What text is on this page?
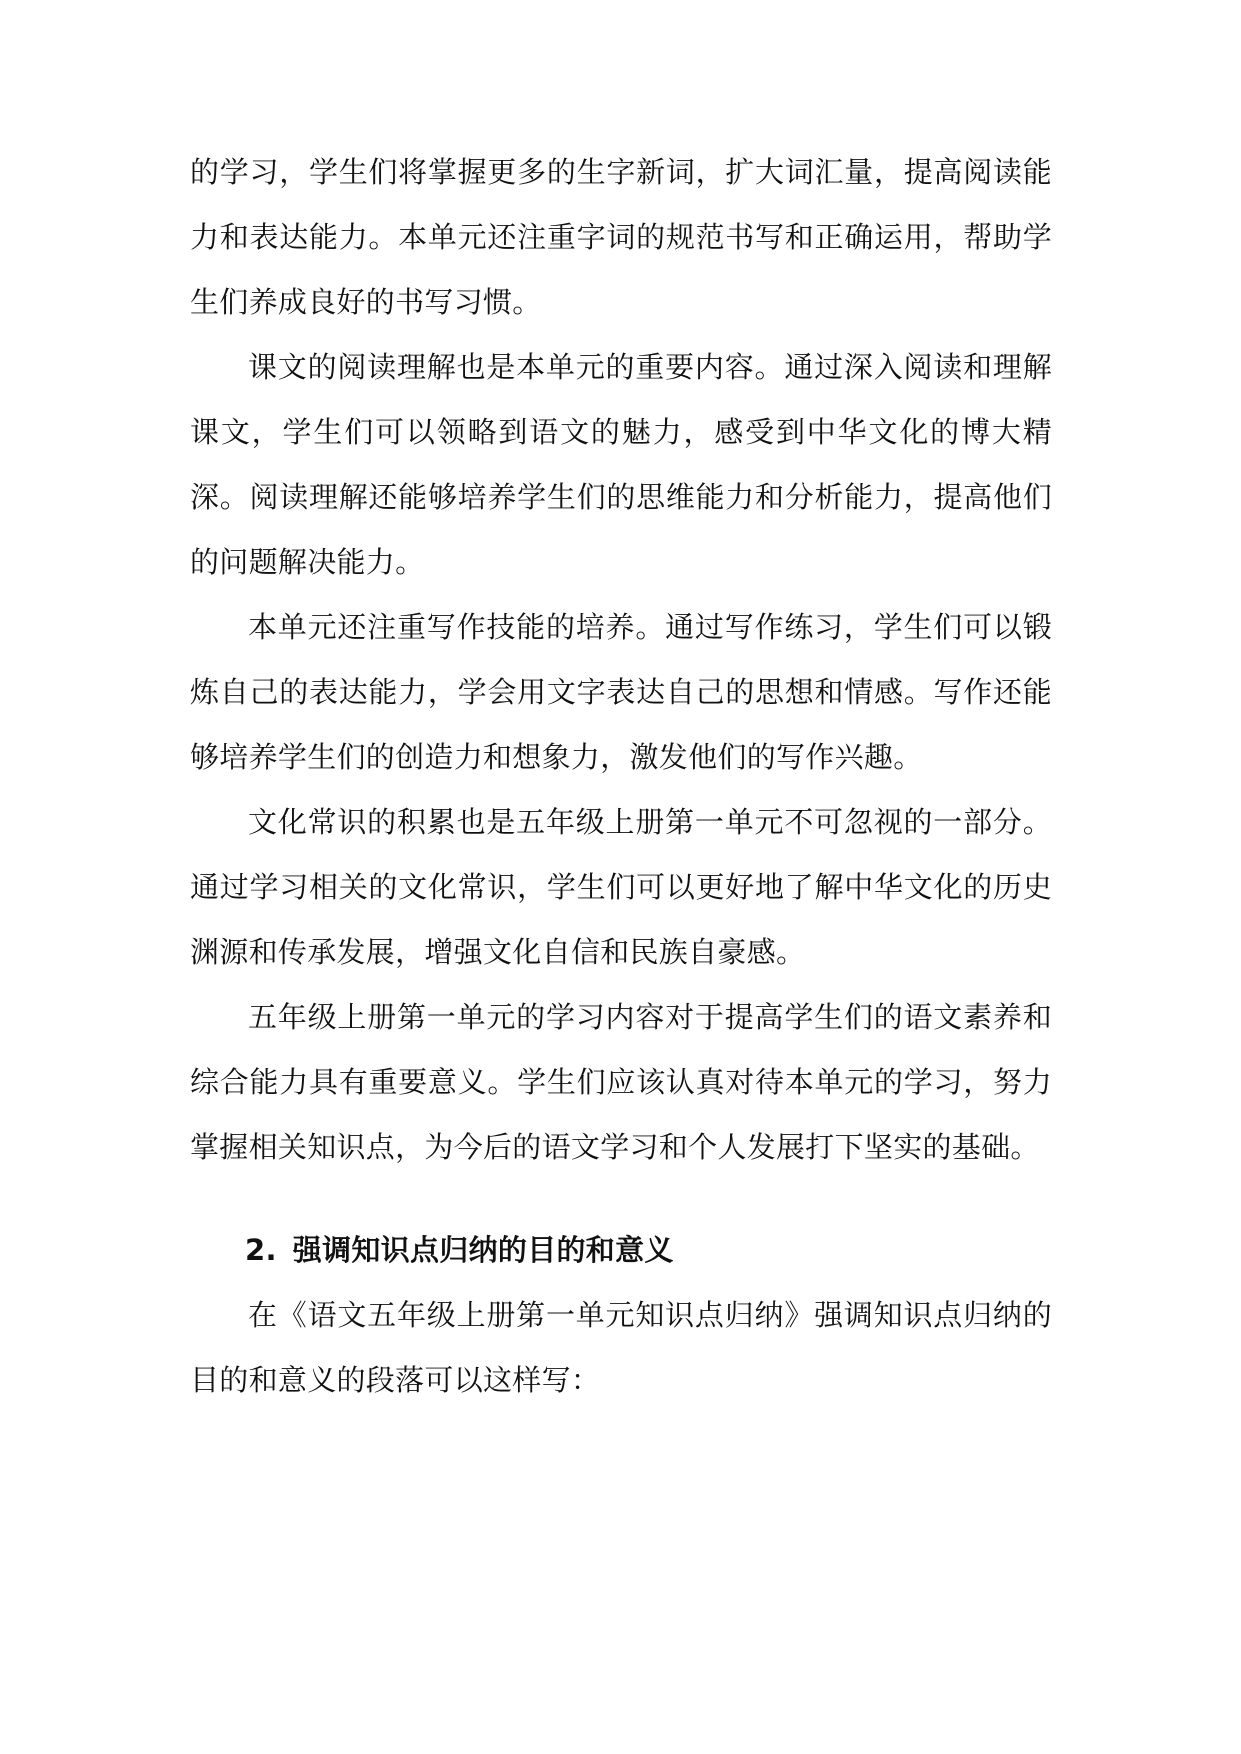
的学习，学生们将掌握更多的生字新词，扩大词汇量，提高阅读能力和表达能力。本单元还注重字词的规范书写和正确运用，帮助学生们养成良好的书写习惯。

课文的阅读理解也是本单元的重要内容。通过深入阅读和理解课文，学生们可以领略到语文的魅力，感受到中华文化的博大精深。阅读理解还能够培养学生们的思维能力和分析能力，提高他们的问题解决能力。

本单元还注重写作技能的培养。通过写作练习，学生们可以锻炼自己的表达能力，学会用文字表达自己的思想和情感。写作还能够培养学生们的创造力和想象力，激发他们的写作兴趣。

文化常识的积累也是五年级上册第一单元不可忽视的一部分。通过学习相关的文化常识，学生们可以更好地了解中华文化的历史渊源和传承发展，增强文化自信和民族自豪感。

五年级上册第一单元的学习内容对于提高学生们的语文素养和综合能力具有重要意义。学生们应该认真对待本单元的学习，努力掌握相关知识点，为今后的语文学习和个人发展打下坚实的基础。

2. 强调知识点归纳的目的和意义

在《语文五年级上册第一单元知识点归纳》强调知识点归纳的目的和意义的段落可以这样写：
